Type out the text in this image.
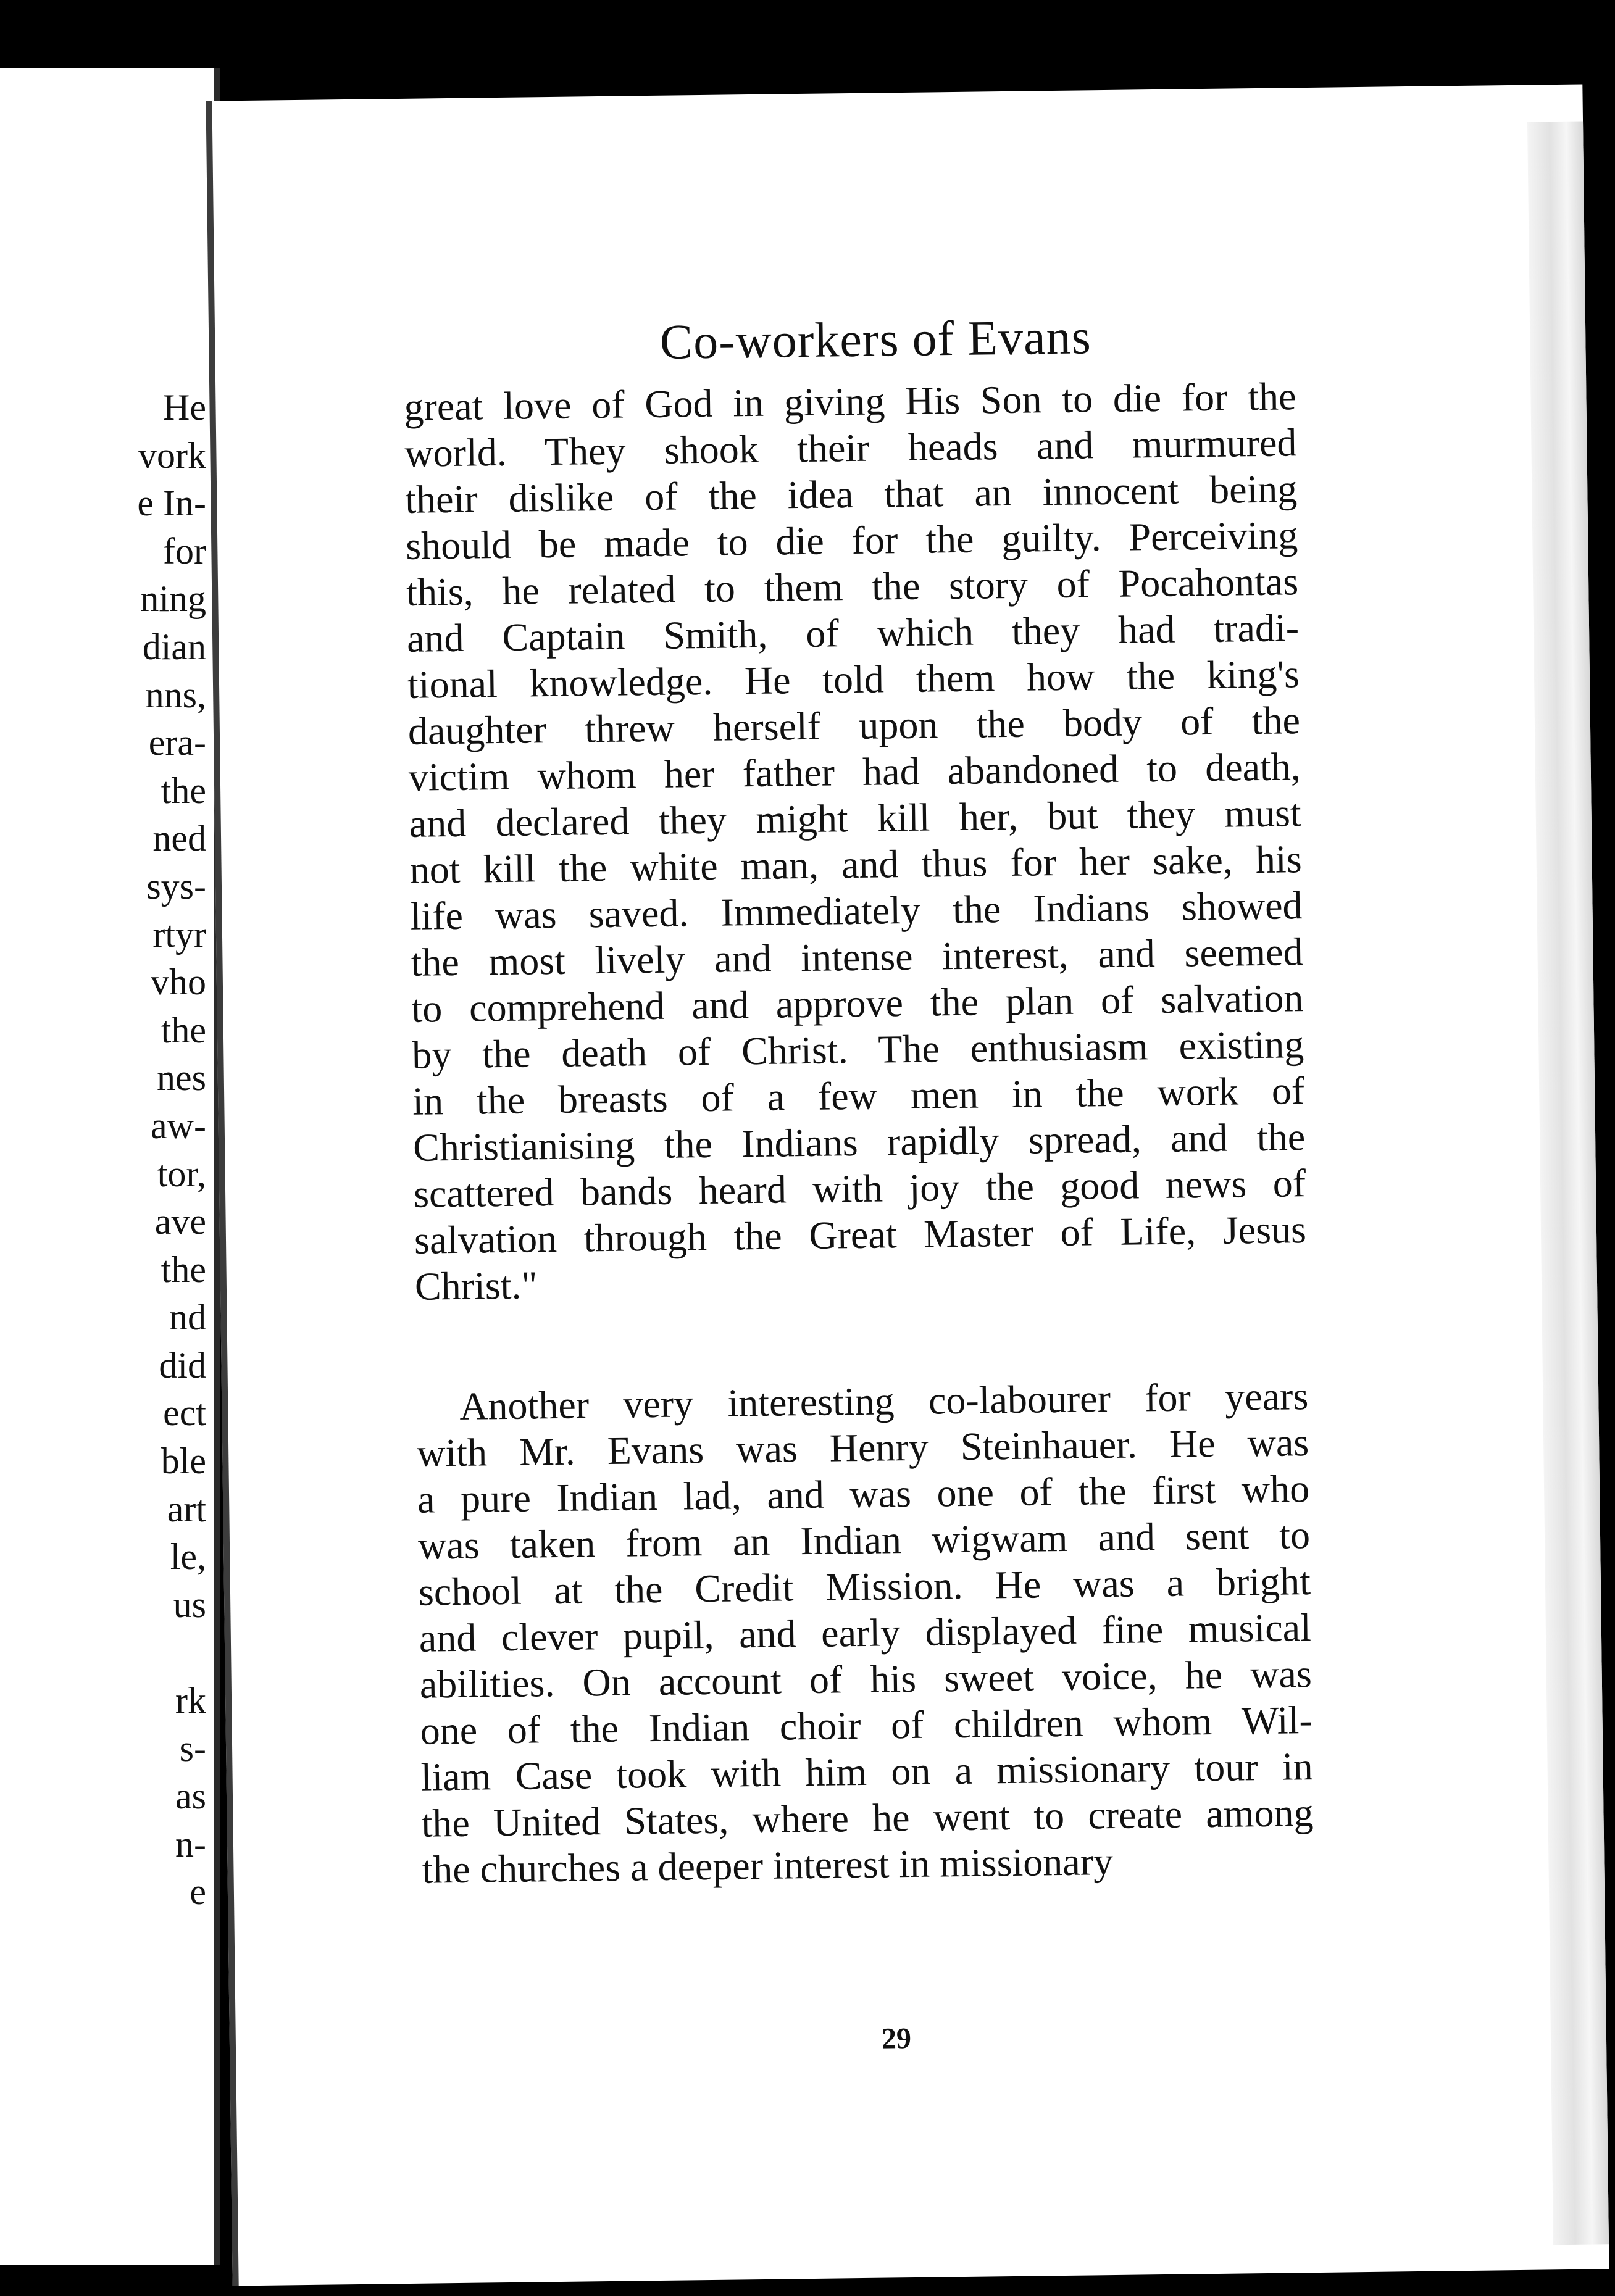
He
vork
e In-
for
ning
dian
nns,
era-
the
ned
sys-
rtyr
vho
the
nes
aw-
tor,
ave
the
nd
did
ect
ble
art
le,
us
rk
s-
as
n-
e
Co-workers of Evans
great love of God in giving His Son to die for the
world. They shook their heads and murmured
their dislike of the idea that an innocent being
should be made to die for the guilty. Perceiving
this, he related to them the story of Pocahontas
and Captain Smith, of which they had tradi-
tional knowledge. He told them how the king's
daughter threw herself upon the body of the
victim whom her father had abandoned to death,
and declared they might kill her, but they must
not kill the white man, and thus for her sake, his
life was saved. Immediately the Indians showed
the most lively and intense interest, and seemed
to comprehend and approve the plan of salvation
by the death of Christ. The enthusiasm existing
in the breasts of a few men in the work of
Christianising the Indians rapidly spread, and the
scattered bands heard with joy the good news of
salvation through the Great Master of Life, Jesus
Christ."
Another very interesting co-labourer for years
with Mr. Evans was Henry Steinhauer. He was
a pure Indian lad, and was one of the first who
was taken from an Indian wigwam and sent to
school at the Credit Mission. He was a bright
and clever pupil, and early displayed fine musical
abilities. On account of his sweet voice, he was
one of the Indian choir of children whom Wil-
liam Case took with him on a missionary tour in
the United States, where he went to create among
the churches a deeper interest in missionary
29
